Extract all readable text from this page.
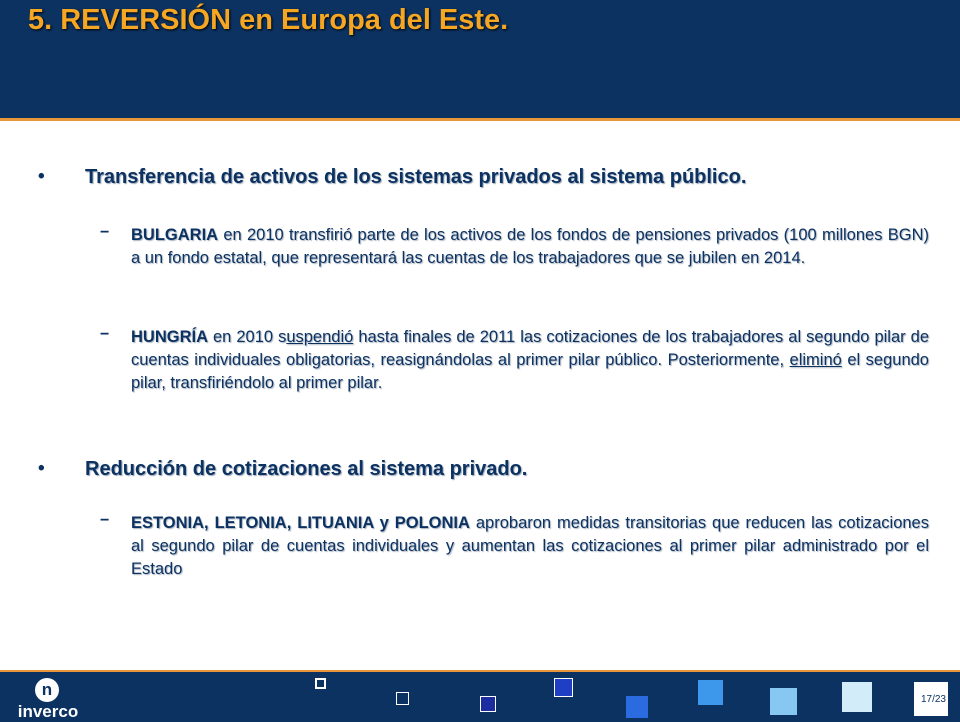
5. REVERSIÓN en Europa del Este.
• Transferencia de activos de los sistemas privados al sistema público.
− BULGARIA en 2010 transfirió parte de los activos de los fondos de pensiones privados (100 millones BGN) a un fondo estatal, que representará las cuentas de los trabajadores que se jubilen en 2014.
− HUNGRÍA en 2010 suspendió hasta finales de 2011 las cotizaciones de los trabajadores al segundo pilar de cuentas individuales obligatorias, reasignándolas al primer pilar público. Posteriormente, eliminó el segundo pilar, transfiriéndolo al primer pilar.
• Reducción de cotizaciones al sistema privado.
− ESTONIA, LETONIA, LITUANIA y POLONIA aprobaron medidas transitorias que reducen las cotizaciones al segundo pilar de cuentas individuales y aumentan las cotizaciones al primer pilar administrado por el Estado
n
inverco
17/23
